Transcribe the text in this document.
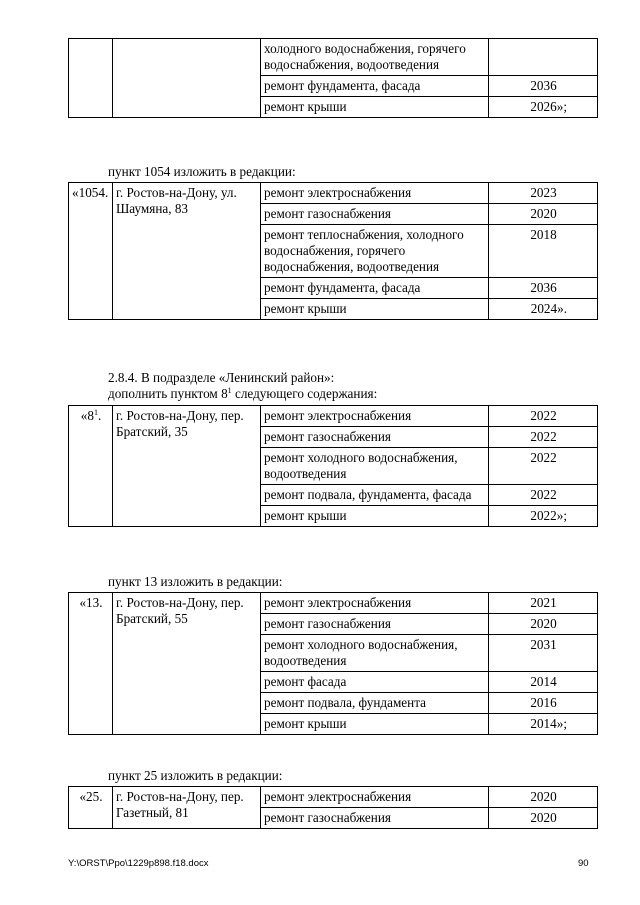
		холодного водоснабжения, горячего водоснабжения, водоотведения	
		ремонт фундамента, фасада	2036
		ремонт крыши	2026»;
пункт 1054 изложить в редакции:
«1054.	г. Ростов-на-Дону, ул. Шаумяна, 83	ремонт электроснабжения	2023
		ремонт газоснабжения	2020
		ремонт теплоснабжения, холодного водоснабжения, горячего водоснабжения, водоотведения	2018
		ремонт фундамента, фасада	2036
		ремонт крыши	2024».
2.8.4. В подразделе «Ленинский район»:
дополнить пунктом $8^1$ следующего содержания:
«$8^1$.	г. Ростов-на-Дону, пер. Братский, 35	ремонт электроснабжения	2022
		ремонт газоснабжения	2022
		ремонт холодного водоснабжения, водоотведения	2022
		ремонт подвала, фундамента, фасада	2022
		ремонт крыши	2022»;
пункт 13 изложить в редакции:
«13.	г. Ростов-на-Дону, пер. Братский, 55	ремонт электроснабжения	2021
		ремонт газоснабжения	2020
		ремонт холодного водоснабжения, водоотведения	2031
		ремонт фасада	2014
		ремонт подвала, фундамента	2016
		ремонт крыши	2014»;
пункт 25 изложить в редакции:
«25.	г. Ростов-на-Дону, пер. Газетный, 81	ремонт электроснабжения	2020
		ремонт газоснабжения	2020
Y:\ORST\Ppo\1229p898.f18.docx	90
